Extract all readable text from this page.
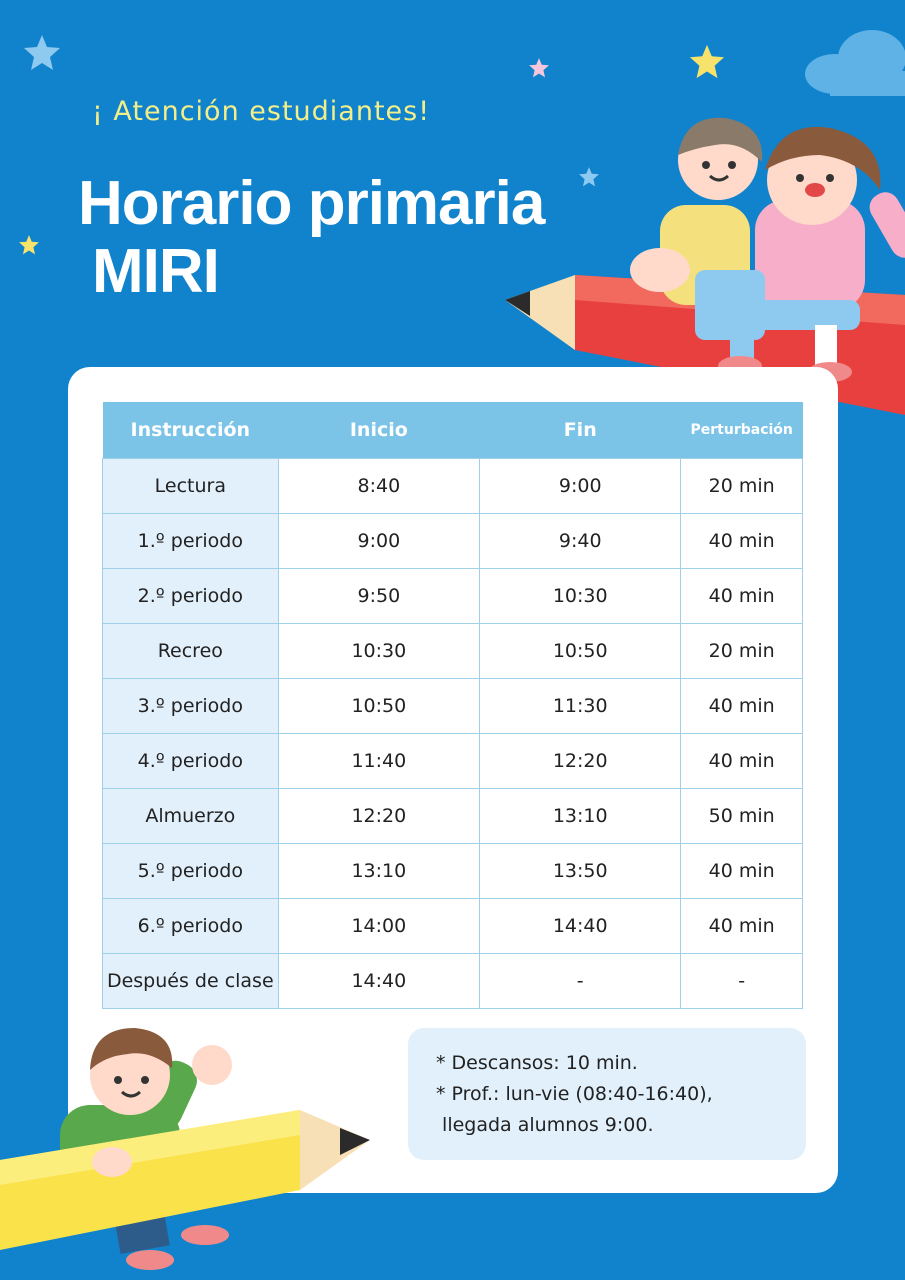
¡ Atención estudiantes!
Horario primaria
MIRI
Instrucción	Inicio	Fin	Perturbación
Lectura	8:40	9:00	20 min
1.º periodo	9:00	9:40	40 min
2.º periodo	9:50	10:30	40 min
Recreo	10:30	10:50	20 min
3.º periodo	10:50	11:30	40 min
4.º periodo	11:40	12:20	40 min
Almuerzo	12:20	13:10	50 min
5.º periodo	13:10	13:50	40 min
6.º periodo	14:00	14:40	40 min
Después de clase	14:40	-	-
* Descansos: 10 min.
* Prof.: lun-vie (08:40-16:40),
llegada alumnos 9:00.
